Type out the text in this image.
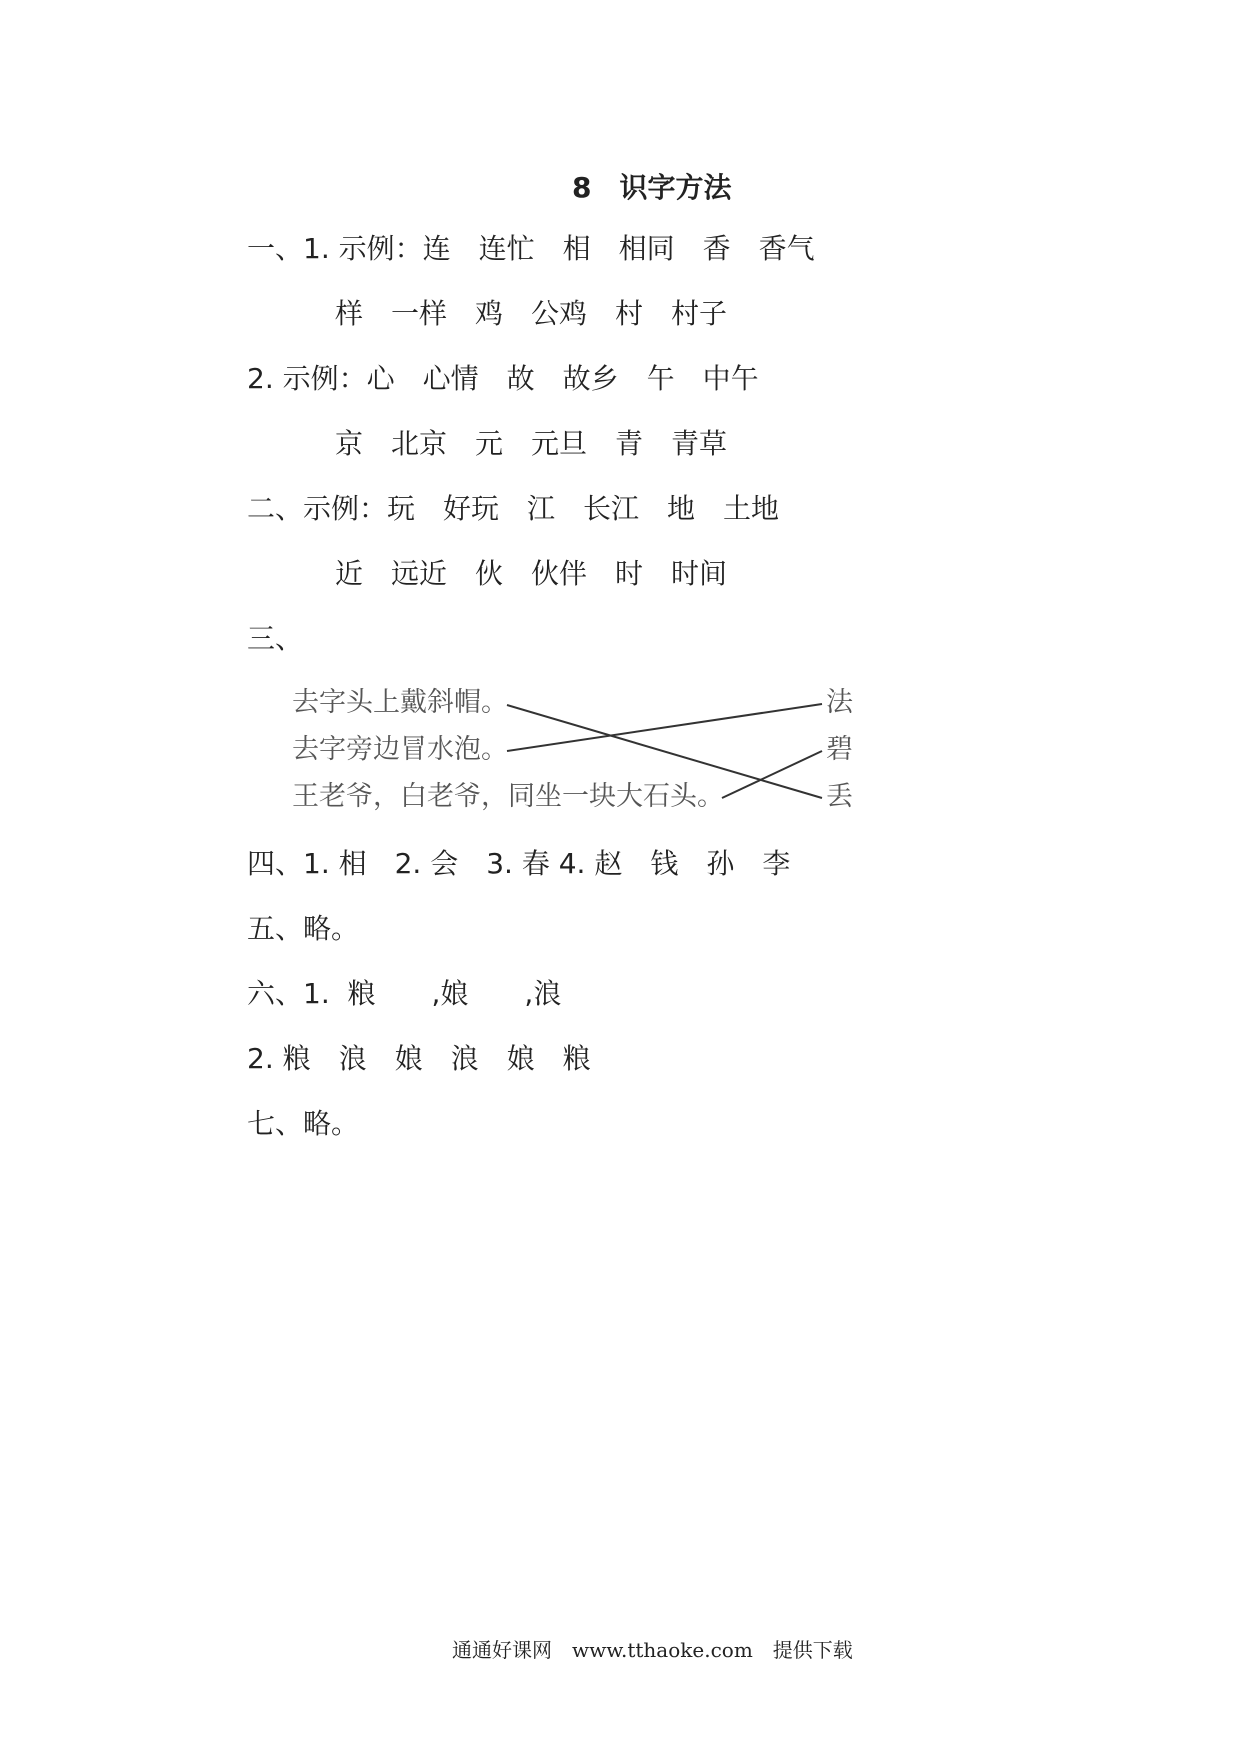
8　识字方法
一、1. 示例：连　连忙　相　相同　香　香气
样　一样　鸡　公鸡　村　村子
2. 示例：心　心情　故　故乡　午　中午
京　北京　元　元旦　青　青草
二、示例：玩　好玩　江　长江　地　土地
近　远近　伙　伙伴　时　时间
三、
去字头上戴斜帽。
去字旁边冒水泡。
王老爷，白老爷，同坐一块大石头。
法
碧
丢
四、1. 相　2. 会　3. 春 4. 赵　钱　孙　李
五、略。
六、1.  粮　　,娘　　,浪
2. 粮　浪　娘　浪　娘　粮
七、略。
通通好课网　www.tthaoke.com　提供下载
